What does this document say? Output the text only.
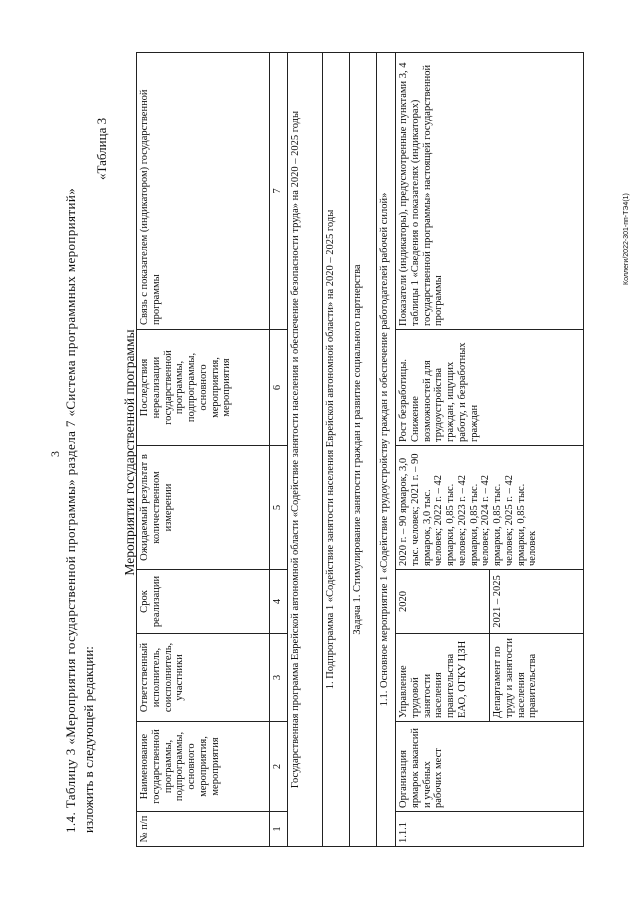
3 1.4. Таблицу 3 «Мероприятия государственной программы» раздела 7 «Система программных мероприятий» изложить в следующей редакции:
«Таблица 3
Мероприятия государственной программы
№ п/п	Наименование государственной программы, подпрограммы, основного мероприятия, мероприятия	Ответственный исполнитель, соисполнитель, участники	Срок реализации	Ожидаемый результат в количественном измерении	Последствия нереализации государственной программы, подпрограммы, основного мероприятия, мероприятия	Связь с показателем (индикатором) государственной программы
1	2	3	4	5	6	7
Государственная программа Еврейской автономной области «Содействие занятости населения и обеспечение безопасности труда» на 2020 – 2025 годы						
1. Подпрограмма 1 «Содействие занятости населения Еврейской автономной области» на 2020 – 2025 годы						
Задача 1. Стимулирование занятости граждан и развитие социального партнерства						
1.1. Основное мероприятие 1 «Содействие трудоустройству граждан и обеспечение работодателей рабочей силой»						
1.1.1	Организация ярмарок вакансий и учебных рабочих мест	Управление трудовой занятости населения правительства ЕАО, ОГКУ ЦЗН	2020	2020 г. – 90 ярмарок, 3,0 тыс. человек; 2021 г. – 90 ярмарок, 3,0 тыс. человек; 2022 г. – 42 ярмарки, 0,85 тыс. человек; 2023 г. – 42 ярмарки, 0,85 тыс. человек; 2024 г. – 42 ярмарки, 0,85 тыс. человек; 2025 г. – 42 ярмарки, 0,85 тыс. человек	Рост безработицы. Снижение возможностей для трудоустройства граждан, ищущих работу, и безработных граждан	Показатели (индикаторы), предусмотренные пунктами 3, 4 таблицы 1 «Сведения о показателях (индикаторах) государственной программы» настоящей государственной программы
		Департамент по труду и занятости населения правительства	2021 – 2025			
Коллеги/2022-301-пп-ТЭ4(1)
